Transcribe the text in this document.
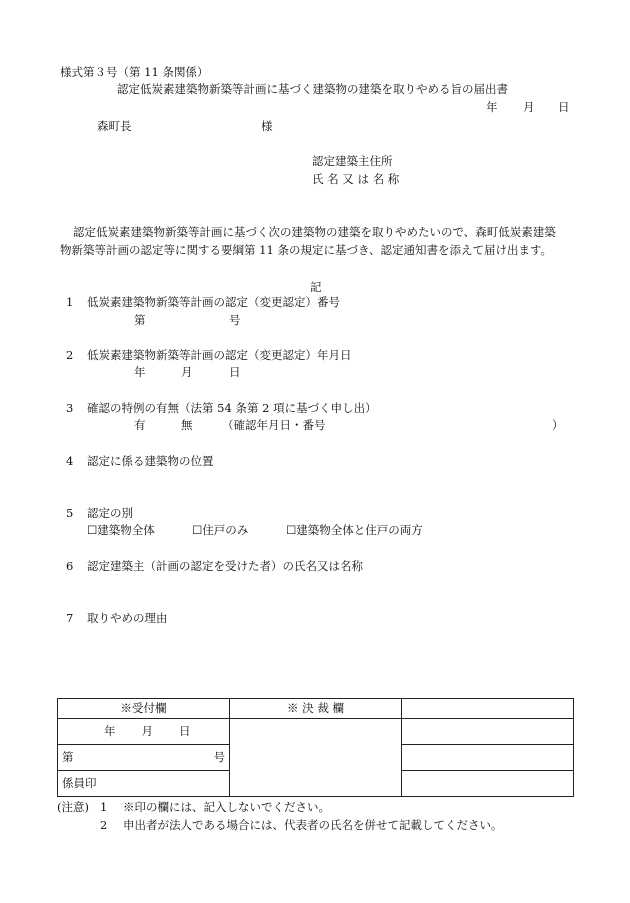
様式第３号（第 11 条関係）
認定低炭素建築物新築等計画に基づく建築物の建築を取りやめる旨の届出書
年 月 日
森町長	様
認定建築主住所
氏 名 又 は 名 称
認定低炭素建築物新築等計画に基づく次の建築物の建築を取りやめたいので、森町低炭素建築
物新築等計画の認定等に関する要綱第 11 条の規定に基づき、認定通知書を添えて届け出ます。
記
1 低炭素建築物新築等計画の認定（変更認定）番号
第	号
2 低炭素建築物新築等計画の認定（変更認定）年月日
年	月	日
3 確認の特例の有無（法第 54 条第 2 項に基づく申し出）
有	無	（確認年月日・番号	）
4 認定に係る建築物の位置
5 認定の別
☐建築物全体	☐住戸のみ	☐建築物全体と住戸の両方
6 認定建築主（計画の認定を受けた者）の氏名又は名称
7 取りやめの理由
※受付欄	※ 決 裁 欄	
年 月 日		

第 号		

係員印		
(注意) 1 ※印の欄には、記入しないでください。
2 申出者が法人である場合には、代表者の氏名を併せて記載してください。
